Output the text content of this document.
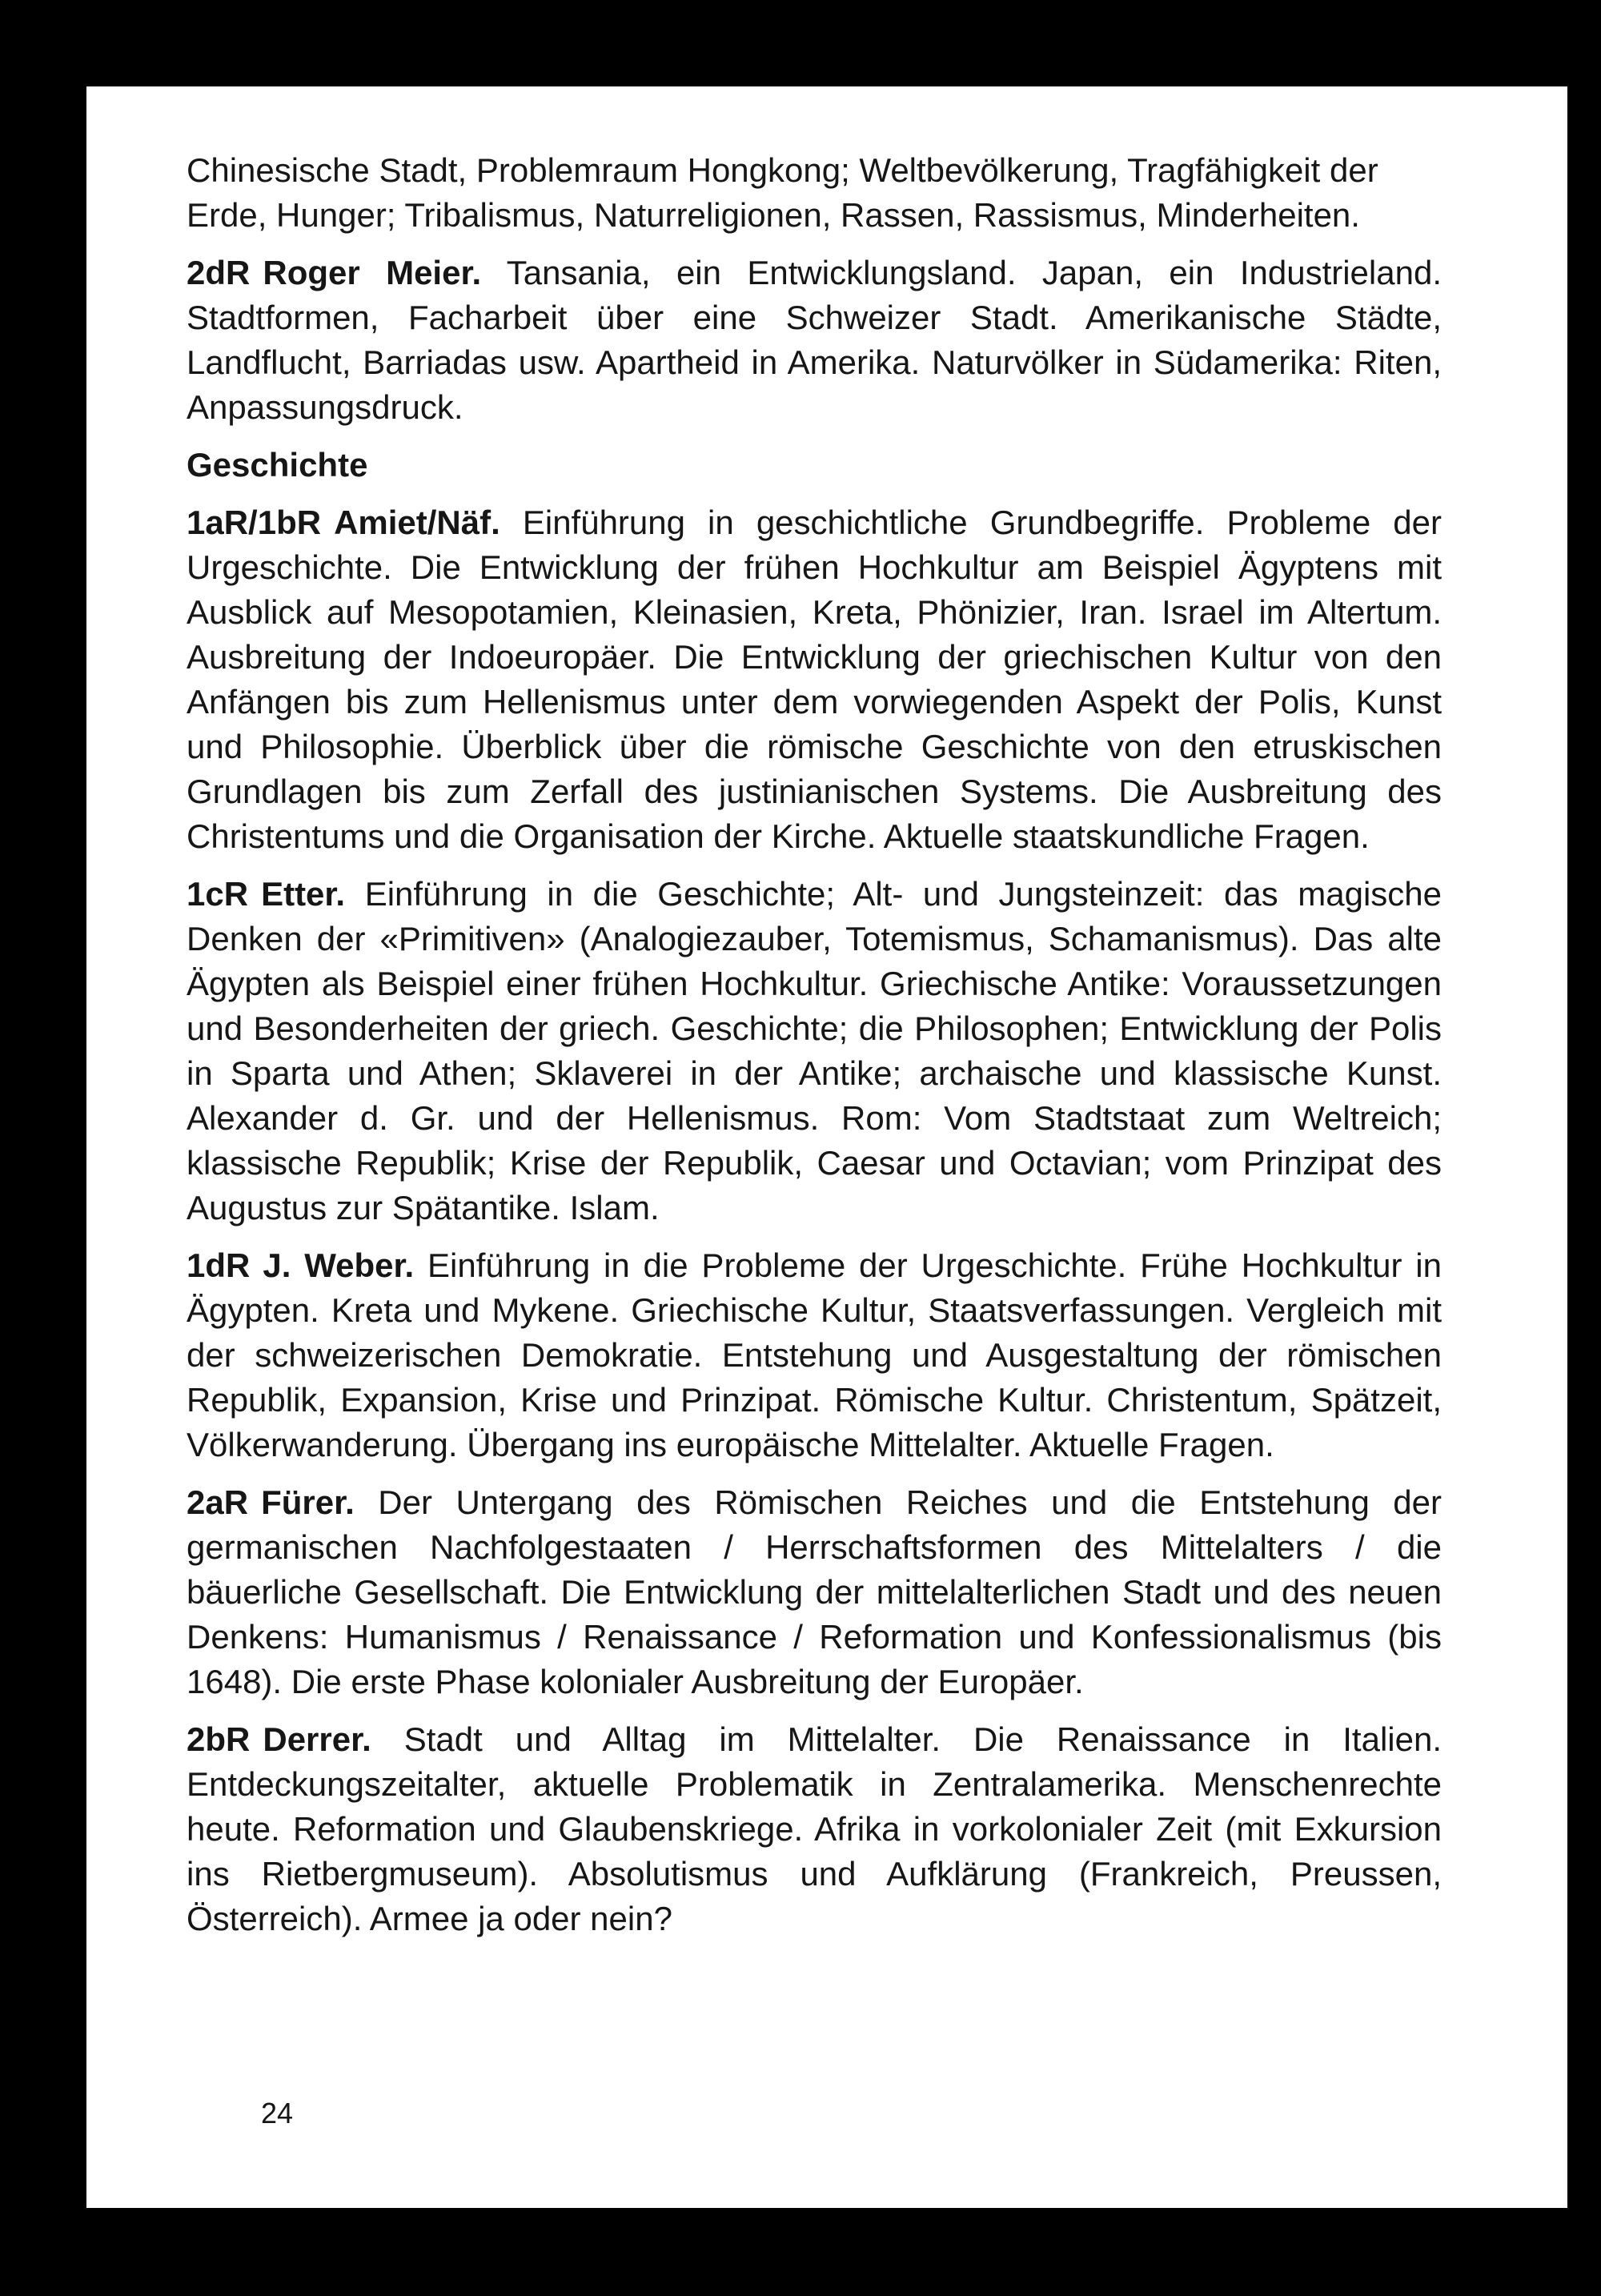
Chinesische Stadt, Problemraum Hongkong; Weltbevölkerung, Tragfähigkeit der Erde, Hunger; Tribalismus, Naturreligionen, Rassen, Rassismus, Minderheiten.

2dR Roger Meier. Tansania, ein Entwicklungsland. Japan, ein Industrieland. Stadtformen, Facharbeit über eine Schweizer Stadt. Amerikanische Städte, Landflucht, Barriadas usw. Apartheid in Amerika. Naturvölker in Südamerika: Riten, Anpassungsdruck.

Geschichte

1aR/1bR Amiet/Näf. Einführung in geschichtliche Grundbegriffe. Probleme der Urgeschichte. Die Entwicklung der frühen Hochkultur am Beispiel Ägyptens mit Ausblick auf Mesopotamien, Kleinasien, Kreta, Phönizier, Iran. Israel im Altertum. Ausbreitung der Indoeuropäer. Die Entwicklung der griechischen Kultur von den Anfängen bis zum Hellenismus unter dem vorwiegenden Aspekt der Polis, Kunst und Philosophie. Überblick über die römische Geschichte von den etruskischen Grundlagen bis zum Zerfall des justinianischen Systems. Die Ausbreitung des Christentums und die Organisation der Kirche. Aktuelle staatskundliche Fragen.

1cR Etter. Einführung in die Geschichte; Alt- und Jungsteinzeit: das magische Denken der «Primitiven» (Analogiezauber, Totemismus, Schamanismus). Das alte Ägypten als Beispiel einer frühen Hochkultur. Griechische Antike: Voraussetzungen und Besonderheiten der griech. Geschichte; die Philosophen; Entwicklung der Polis in Sparta und Athen; Sklaverei in der Antike; archaische und klassische Kunst. Alexander d. Gr. und der Hellenismus. Rom: Vom Stadtstaat zum Weltreich; klassische Republik; Krise der Republik, Caesar und Octavian; vom Prinzipat des Augustus zur Spätantike. Islam.

1dR J. Weber. Einführung in die Probleme der Urgeschichte. Frühe Hochkultur in Ägypten. Kreta und Mykene. Griechische Kultur, Staatsverfassungen. Vergleich mit der schweizerischen Demokratie. Entstehung und Ausgestaltung der römischen Republik, Expansion, Krise und Prinzipat. Römische Kultur. Christentum, Spätzeit, Völkerwanderung. Übergang ins europäische Mittelalter. Aktuelle Fragen.

2aR Fürer. Der Untergang des Römischen Reiches und die Entstehung der germanischen Nachfolgestaaten / Herrschaftsformen des Mittelalters / die bäuerliche Gesellschaft. Die Entwicklung der mittelalterlichen Stadt und des neuen Denkens: Humanismus / Renaissance / Reformation und Konfessionalismus (bis 1648). Die erste Phase kolonialer Ausbreitung der Europäer.

2bR Derrer. Stadt und Alltag im Mittelalter. Die Renaissance in Italien. Entdeckungszeitalter, aktuelle Problematik in Zentralamerika. Menschenrechte heute. Reformation und Glaubenskriege. Afrika in vorkolonialer Zeit (mit Exkursion ins Rietbergmuseum). Absolutismus und Aufklärung (Frankreich, Preussen, Österreich). Armee ja oder nein?

24
